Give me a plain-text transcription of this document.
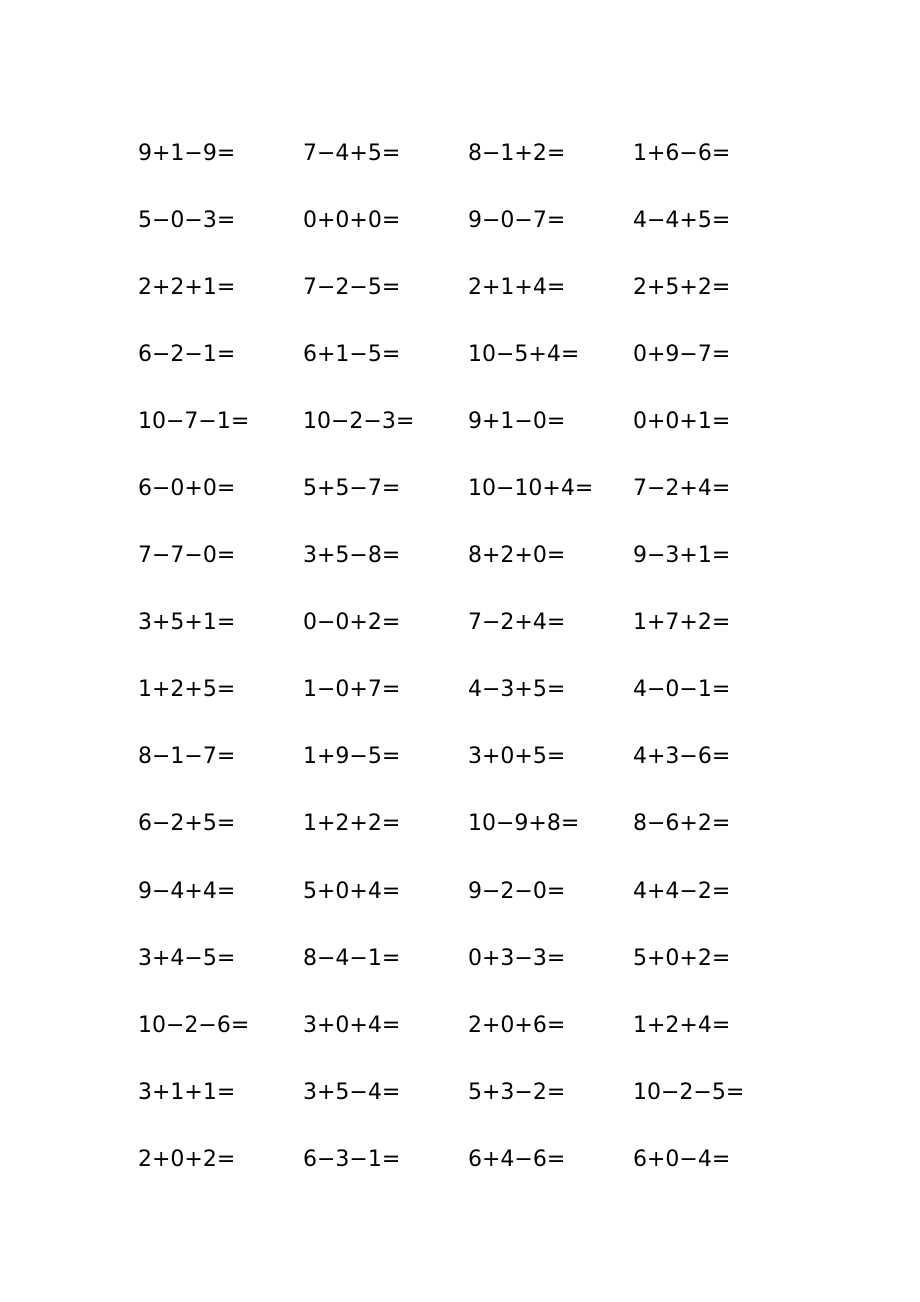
9+1−9=	7−4+5=	8−1+2=	1+6−6=
5−0−3=	0+0+0=	9−0−7=	4−4+5=
2+2+1=	7−2−5=	2+1+4=	2+5+2=
6−2−1=	6+1−5=	10−5+4=	0+9−7=
10−7−1=	10−2−3=	9+1−0=	0+0+1=
6−0+0=	5+5−7=	10−10+4=	7−2+4=
7−7−0=	3+5−8=	8+2+0=	9−3+1=
3+5+1=	0−0+2=	7−2+4=	1+7+2=
1+2+5=	1−0+7=	4−3+5=	4−0−1=
8−1−7=	1+9−5=	3+0+5=	4+3−6=
6−2+5=	1+2+2=	10−9+8=	8−6+2=
9−4+4=	5+0+4=	9−2−0=	4+4−2=
3+4−5=	8−4−1=	0+3−3=	5+0+2=
10−2−6=	3+0+4=	2+0+6=	1+2+4=
3+1+1=	3+5−4=	5+3−2=	10−2−5=
2+0+2=	6−3−1=	6+4−6=	6+0−4=
